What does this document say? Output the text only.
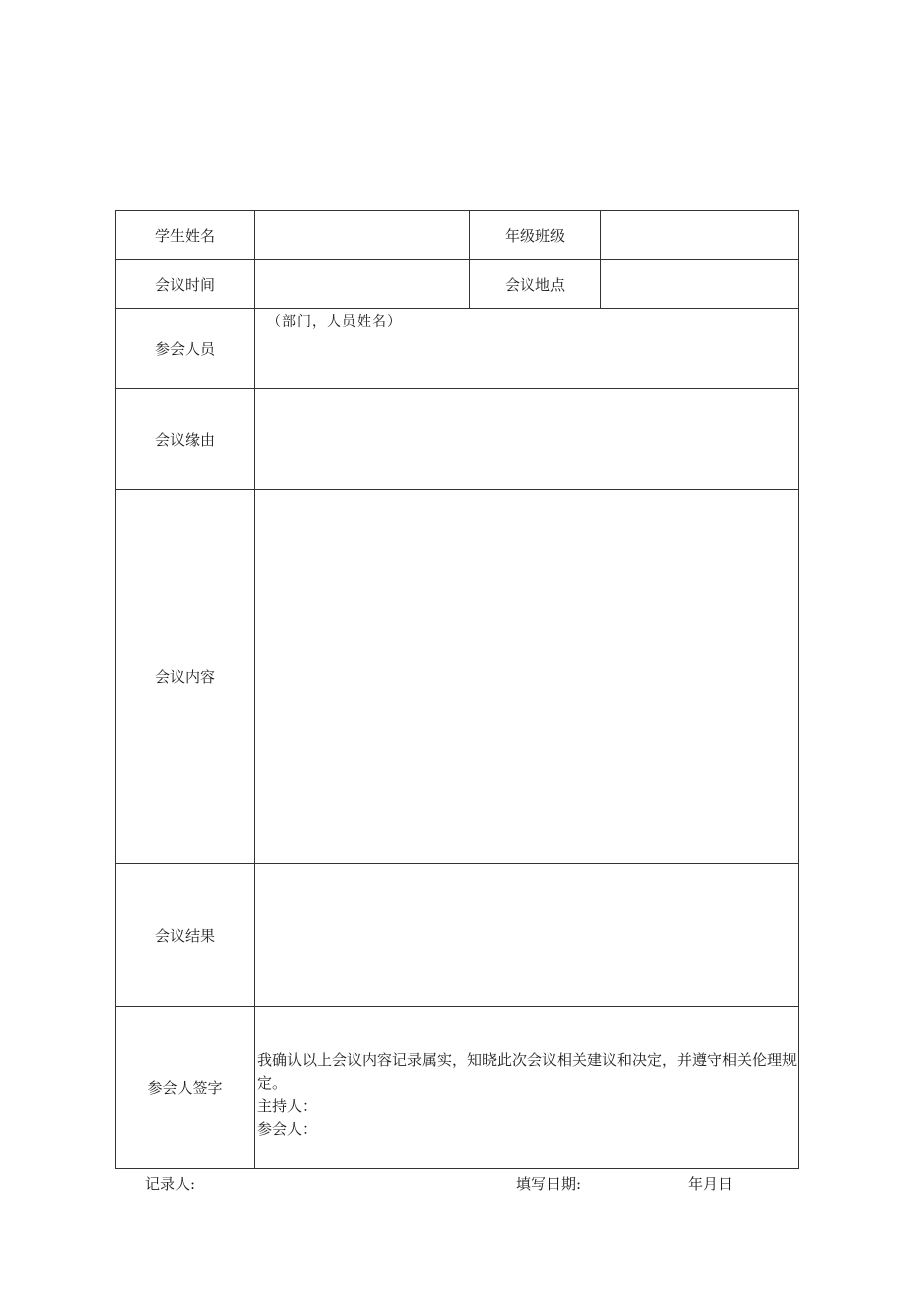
学生姓名		年级班级	
会议时间		会议地点	
参会人员	（部门，人员姓名）		

会议缘由			
会议内容			
会议结果			
参会人签字	我确认以上会议内容记录属实，知晓此次会议相关建议和决定，并遵守相关伦理规定。
主持人：
参会人：		
记录人:	填写日期:	年月日
